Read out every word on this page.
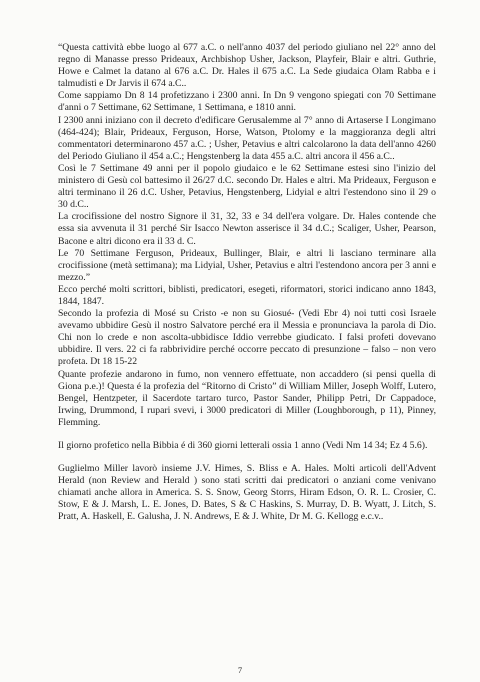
“Questa cattività ebbe luogo al 677 a.C. o nell'anno 4037 del periodo giuliano nel 22° anno del regno di Manasse presso Prideaux, Archbishop Usher, Jackson, Playfeir, Blair e altri. Guthrie, Howe e Calmet la datano al 676 a.C. Dr. Hales il 675 a.C. La Sede giudaica Olam Rabba e i talmudisti e Dr Jarvis il 674 a.C..

Come sappiamo Dn 8 14 profetizzano i 2300 anni. In Dn 9 vengono spiegati con 70 Settimane d'anni o 7 Settimane, 62 Settimane, 1 Settimana, e 1810 anni.

I 2300 anni iniziano con il decreto d'edificare Gerusalemme al 7° anno di Artaserse I Longimano (464-424); Blair, Prideaux, Ferguson, Horse, Watson, Ptolomy e la maggioranza degli altri commentatori determinarono 457 a.C. ; Usher, Petavius e altri calcolarono la data dell'anno 4260 del Periodo Giuliano il 454 a.C.; Hengstenberg la data 455 a.C. altri ancora il 456 a.C..

Così le 7 Settimane 49 anni per il popolo giudaico e le 62 Settimane estesi sino l'inizio del ministero di Gesù col battesimo il 26/27 d.C. secondo Dr. Hales e altri. Ma Prideaux, Ferguson e altri terminano il 26 d.C. Usher, Petavius, Hengstenberg, Lidyial e altri l'estendono sino il 29 o 30 d.C..

La crocifissione del nostro Signore il 31, 32, 33 e 34 dell'era volgare. Dr. Hales contende che essa sia avvenuta il 31 perché Sir Isacco Newton asserisce il 34 d.C.; Scaliger, Usher, Pearson, Bacone e altri dicono era il 33 d. C.

Le 70 Settimane Ferguson, Prideaux, Bullinger, Blair, e altri li lasciano terminare alla crocifissione (metà settimana); ma Lidyial, Usher, Petavius e altri l'estendono ancora per 3 anni e mezzo.”

Ecco perché molti scrittori, biblisti, predicatori, esegeti, riformatori, storici indicano anno 1843, 1844, 1847.

Secondo la profezia di Mosé su Cristo -e non su Giosué- (Vedi Ebr 4) noi tutti così Israele avevamo ubbidire Gesù il nostro Salvatore perché era il Messia e pronunciava la parola di Dio. Chi non lo crede e non ascolta-ubbidisce Iddio verrebbe giudicato. I falsi profeti dovevano ubbidire. Il vers. 22 ci fa rabbrividire perché occorre peccato di presunzione – falso – non vero profeta. Dt 18 15-22

Quante profezie andarono in fumo, non vennero effettuate, non accaddero (si pensi quella di Giona p.e.)! Questa é la profezia del “Ritorno di Cristo” di William Miller, Joseph Wolff, Lutero, Bengel, Hentzpeter, il Sacerdote tartaro turco, Pastor Sander, Philipp Petri, Dr Cappadoce, Irwing, Drummond, I rupari svevi, i 3000 predicatori di Miller (Loughborough, p 11), Pinney, Flemming.

Il giorno profetico nella Bibbia é di 360 giorni letterali ossia 1 anno (Vedi Nm 14 34; Ez 4 5.6).

Guglielmo Miller lavorò insieme J.V. Himes, S. Bliss e A. Hales. Molti articoli dell'Advent Herald (non Review and Herald ) sono stati scritti dai predicatori o anziani come venivano chiamati anche allora in America. S. S. Snow, Georg Storrs, Hiram Edson, O. R. L. Crosier, C. Stow, E & J. Marsh, L. E. Jones, D. Bates, S & C Haskins, S. Murray, D. B. Wyatt, J. Litch, S. Pratt, A. Haskell, E. Galusha, J. N. Andrews, E & J. White, Dr M. G. Kellogg e.c.v..

7
